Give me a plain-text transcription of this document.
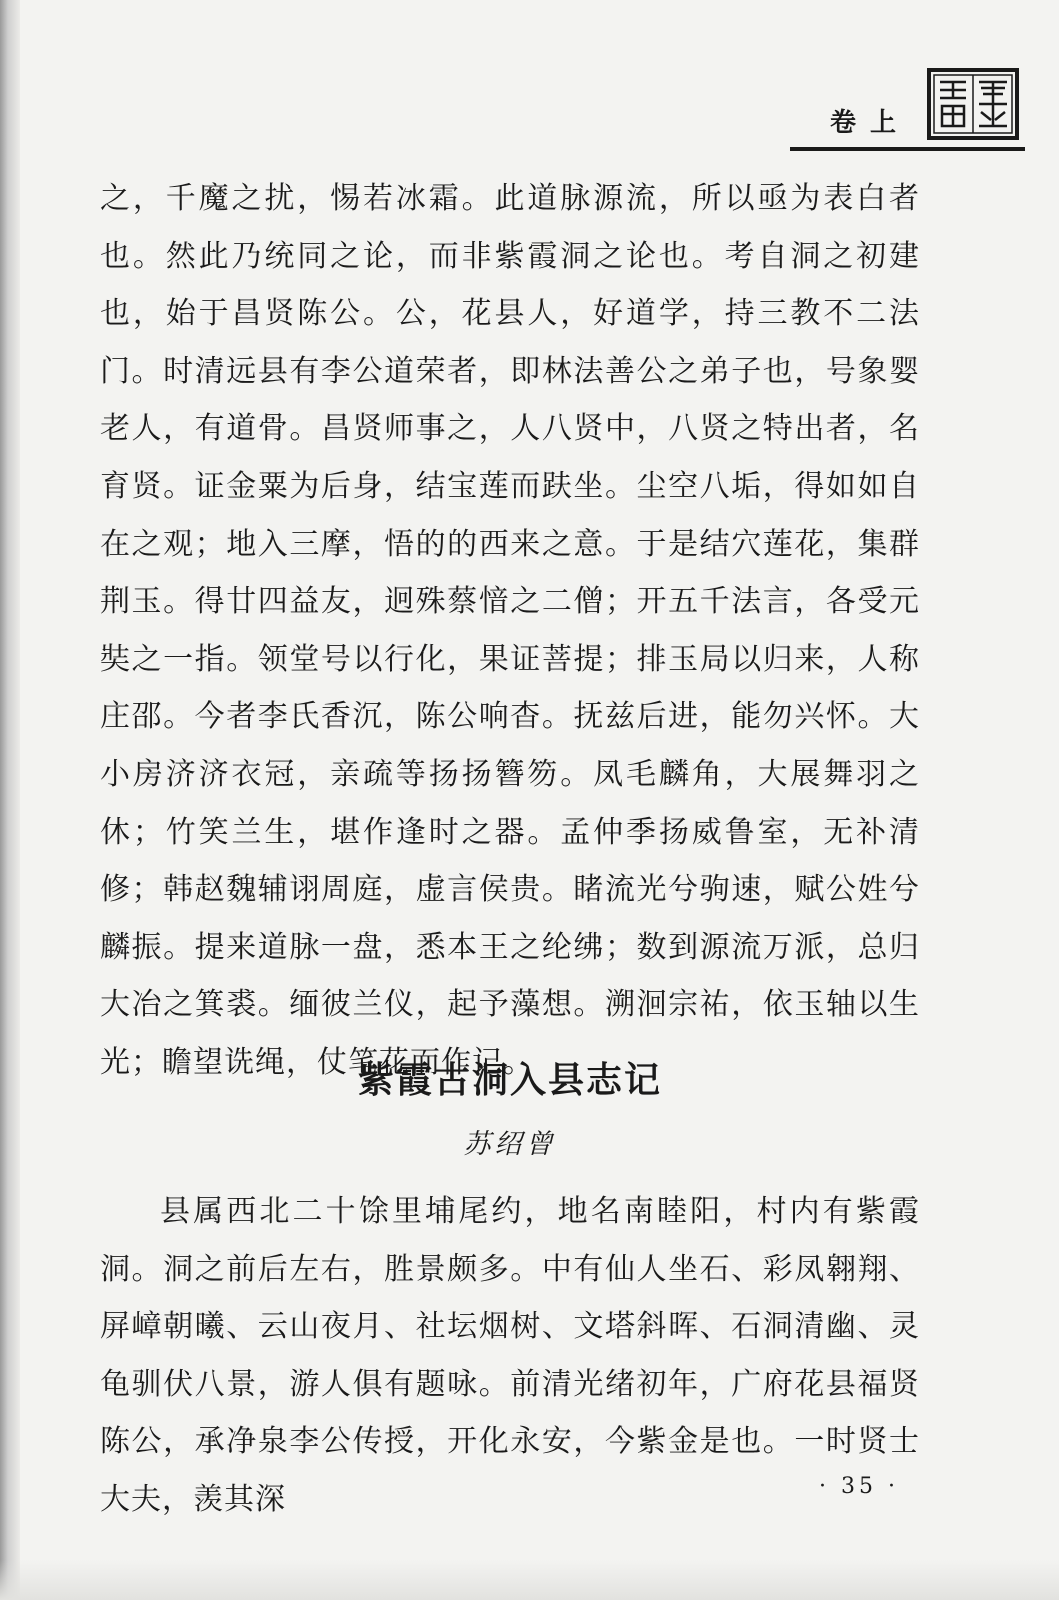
卷上

之，千魔之扰，惕若冰霜。此道脉源流，所以亟为表白者也。然此乃统同之论，而非紫霞洞之论也。考自洞之初建也，始于昌贤陈公。公，花县人，好道学，持三教不二法门。时清远县有李公道荣者，即林法善公之弟子也，号象婴老人，有道骨。昌贤师事之，人八贤中，八贤之特出者，名育贤。证金粟为后身，结宝莲而趺坐。尘空八垢，得如如自在之观；地入三摩，悟的的西来之意。于是结穴莲花，集群荆玉。得廿四益友，迥殊蔡愔之二僧；开五千法言，各受元奘之一指。领堂号以行化，果证菩提；排玉局以归来，人称庄邵。今者李氏香沉，陈公响杳。抚兹后进，能勿兴怀。大小房济济衣冠，亲疏等扬扬簪笏。凤毛麟角，大展舞羽之休；竹笑兰生，堪作逢时之器。孟仲季扬威鲁室，无补清修；韩赵魏辅诩周庭，虚言侯贵。睹流光兮驹速，赋公姓兮麟振。提来道脉一盘，悉本王之纶绋；数到源流万派，总归大冶之箕裘。缅彼兰仪，起予藻想。溯洄宗祐，依玉轴以生光；瞻望诜绳，仗笔花而作记。

紫霞古洞入县志记

苏绍曾

县属西北二十馀里埔尾约，地名南睦阳，村内有紫霞洞。洞之前后左右，胜景颇多。中有仙人坐石、彩凤翱翔、屏嶂朝曦、云山夜月、社坛烟树、文塔斜晖、石洞清幽、灵龟驯伏八景，游人俱有题咏。前清光绪初年，广府花县福贤陈公，承净泉李公传授，开化永安，今紫金是也。一时贤士大夫，羡其深	· 35 ·
